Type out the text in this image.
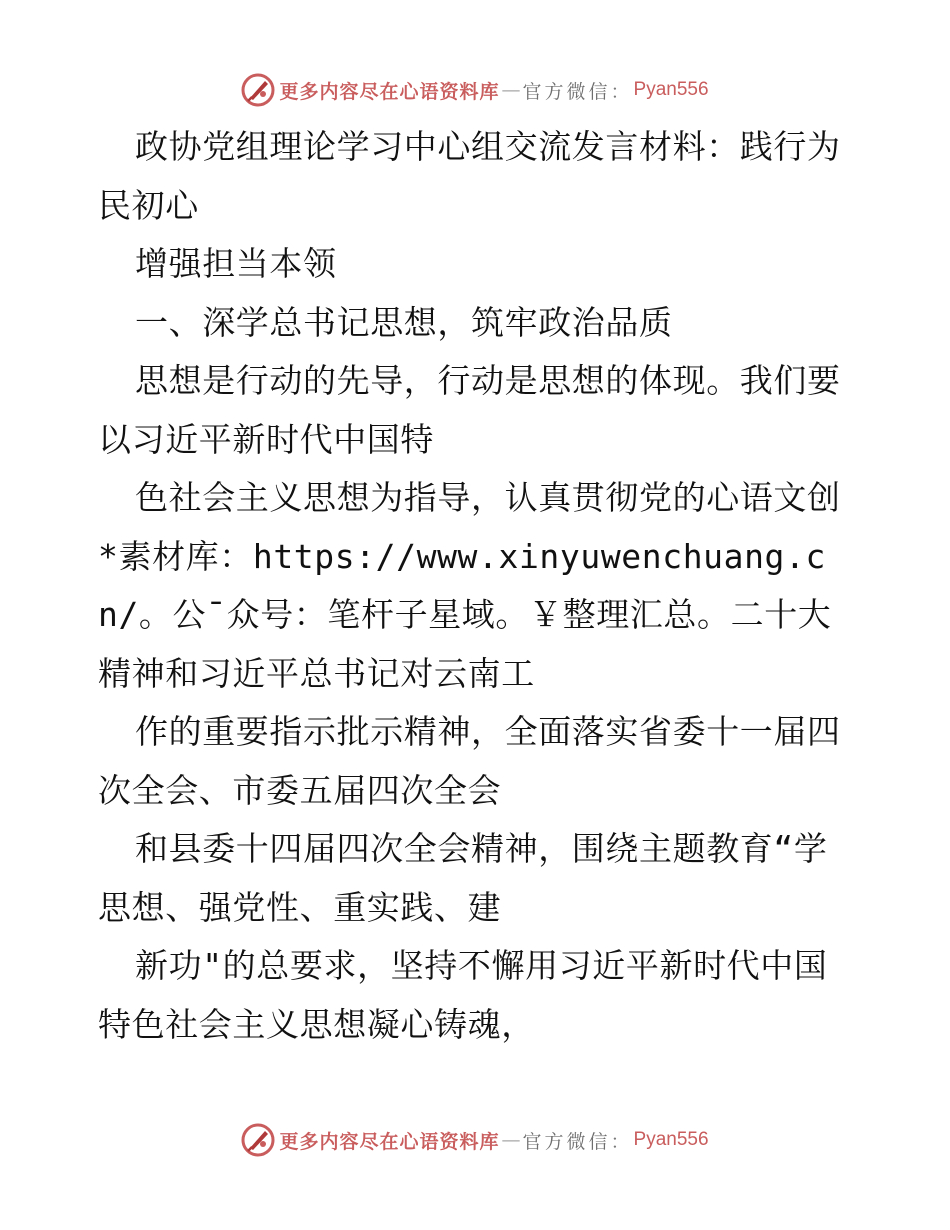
更多内容尽在心语资料库 — 官方微信 ： Pyan556

政协党组理论学习中心组交流发言材料：践行为民初心

增强担当本领

一、深学总书记思想，筑牢政治品质

思想是行动的先导，行动是思想的体现。我们要以习近平新时代中国特

色社会主义思想为指导，认真贯彻党的心语文创*素材库：https://www.xinyuwenchuang.cn/。公¯众号：笔杆子星域。￥整理汇总。二十大精神和习近平总书记对云南工

作的重要指示批示精神，全面落实省委十一届四次全会、市委五届四次全会

和县委十四届四次全会精神，围绕主题教育“学思想、强党性、重实践、建

新功"的总要求，坚持不懈用习近平新时代中国特色社会主义思想凝心铸魂，

更多内容尽在心语资料库 — 官方微信 ： Pyan556
